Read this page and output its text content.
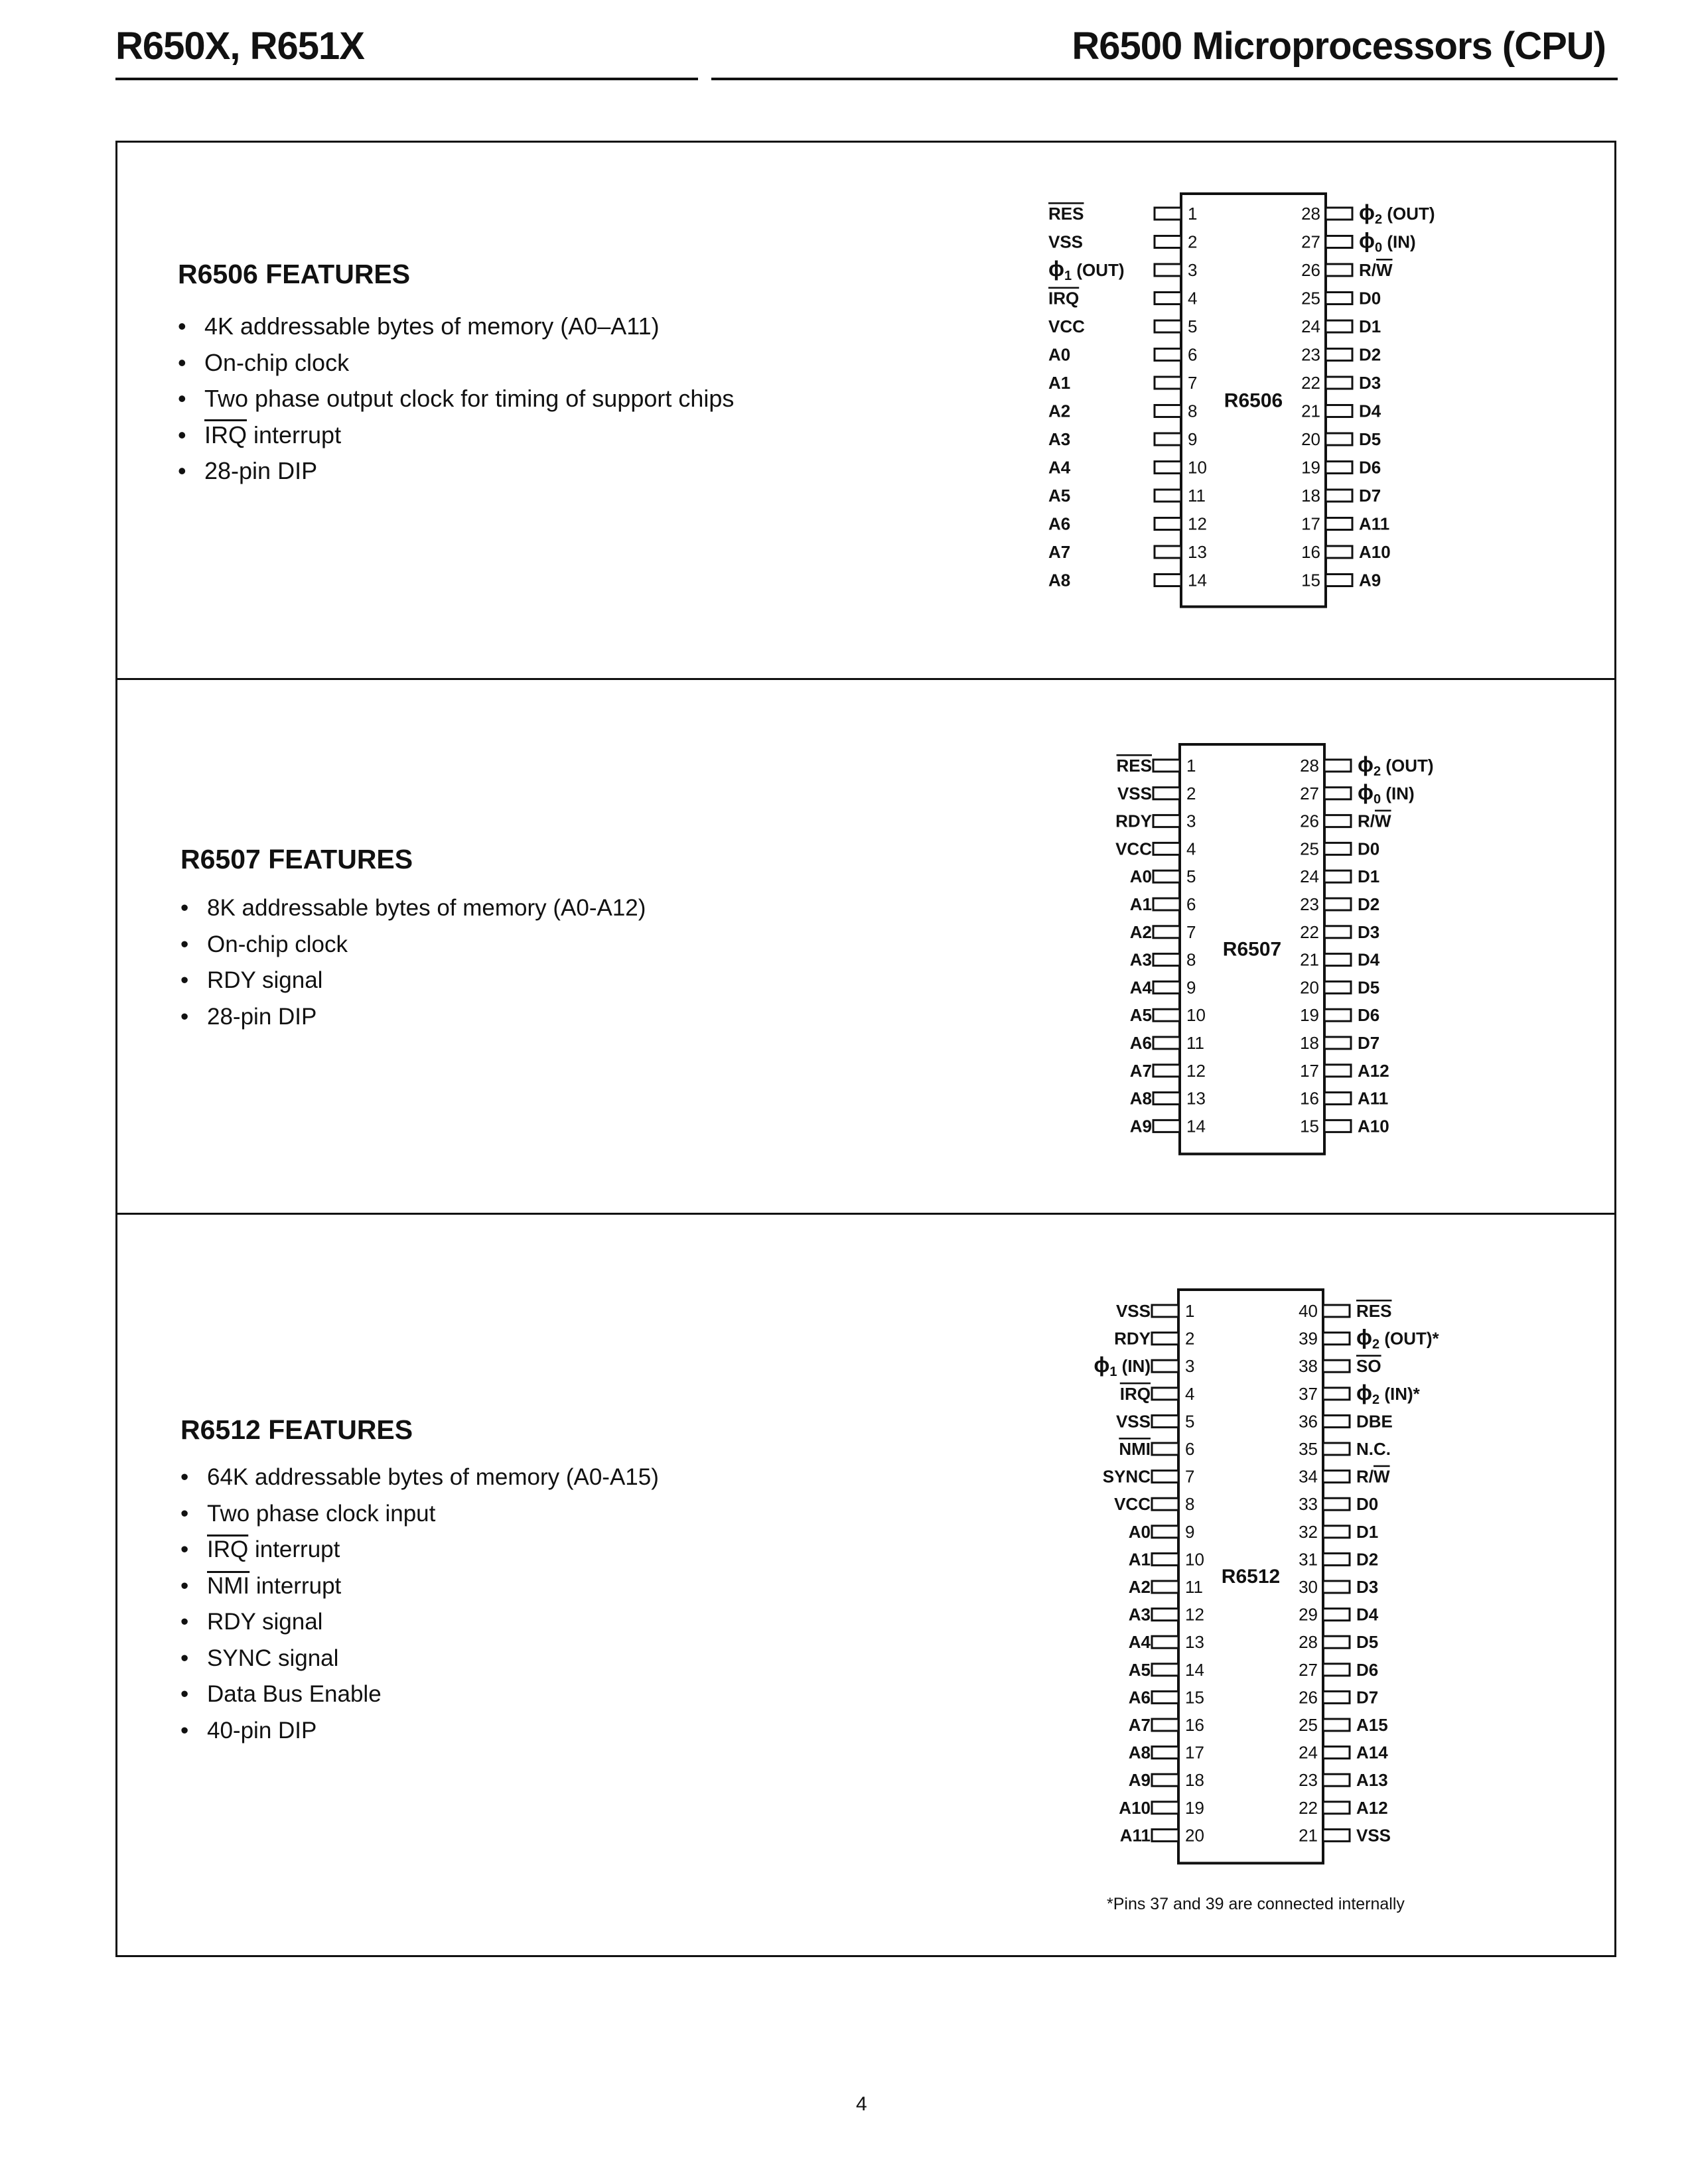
R650X, R651X	R6500 Microprocessors (CPU)
R6506 FEATURES
• 4K addressable bytes of memory (A0–A11)
• On-chip clock
• Two phase output clock for timing of support chips
• $\overline{IRQ}$ interrupt
• 28-pin DIP
R6506
1	28
RES	$\phi_2$ (OUT)
2	27
VSS	$\phi_0$ (IN)
3	26
$\phi_1$ (OUT)	R/W
4	25
IRQ	D0
5	24
VCC	D1
6	23
A0	D2
7	22
A1	D3
8	21
A2	D4
9	20
A3	D5
10	19
A4	D6
11	18
A5	D7
12	17
A6	A11
13	16
A7	A10
14	15
A8	A9
R6507 FEATURES
• 8K addressable bytes of memory (A0-A12)
• On-chip clock
• RDY signal
• 28-pin DIP
R6507
1	28
RES	$\phi_2$ (OUT)
2	27
VSS	$\phi_0$ (IN)
3	26
RDY	R/W
4	25
VCC	D0
5	24
A0	D1
6	23
A1	D2
7	22
A2	D3
8	21
A3	D4
9	20
A4	D5
10	19
A5	D6
11	18
A6	D7
12	17
A7	A12
13	16
A8	A11
14	15
A9	A10
R6512 FEATURES
• 64K addressable bytes of memory (A0-A15)
• Two phase clock input
• $\overline{IRQ}$ interrupt
• $\overline{NMI}$ interrupt
• RDY signal
• SYNC signal
• Data Bus Enable
• 40-pin DIP
R6512
1	40
VSS	RES
2	39
RDY	$\phi_2$ (OUT)*
3	38
$\phi_1$ (IN)	SO
4	37
IRQ	$\phi_2$ (IN)*
5	36
VSS	DBE
6	35
NMI	N.C.
7	34
SYNC	R/W
8	33
VCC	D0
9	32
A0	D1
10	31
A1	D2
11	30
A2	D3
12	29
A3	D4
13	28
A4	D5
14	27
A5	D6
15	26
A6	D7
16	25
A7	A15
17	24
A8	A14
18	23
A9	A13
19	22
A10	A12
20	21
A11	VSS
*Pins 37 and 39 are connected internally
4
